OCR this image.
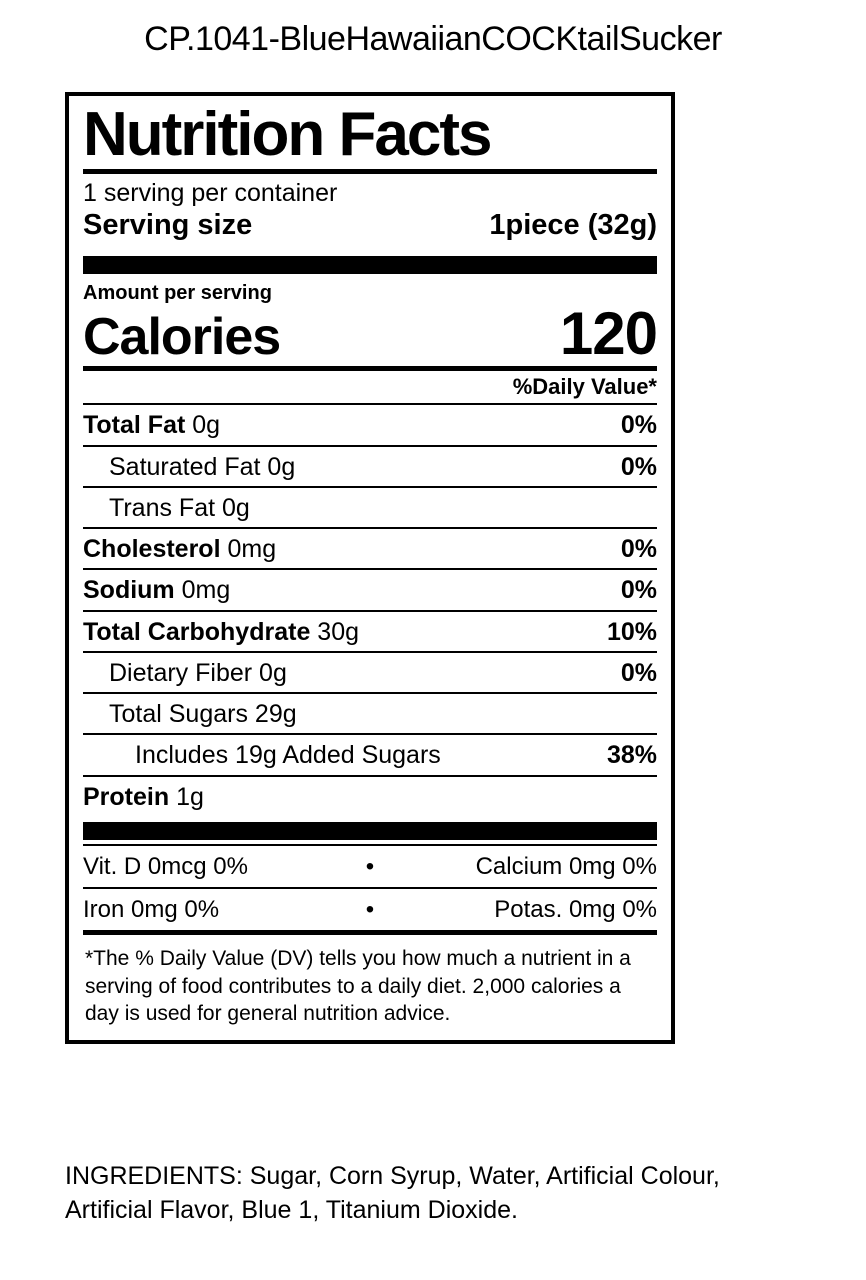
CP.1041-BlueHawaiianCOCKtailSucker
Nutrition Facts
1 serving per container
Serving size	1piece (32g)
Amount per serving
Calories	120
%Daily Value*
Total Fat 0g	0%
Saturated Fat 0g	0%
Trans Fat 0g
Cholesterol 0mg	0%
Sodium 0mg	0%
Total Carbohydrate 30g	10%
Dietary Fiber 0g	0%
Total Sugars 29g
Includes 19g Added Sugars	38%
Protein 1g
Vit. D 0mcg 0%	•	Calcium 0mg 0%
Iron 0mg 0%	•	Potas. 0mg 0%
*The % Daily Value (DV) tells you how much a nutrient in a serving of food contributes to a daily diet. 2,000 calories a day is used for general nutrition advice.
INGREDIENTS: Sugar, Corn Syrup, Water, Artificial Colour, Artificial Flavor, Blue 1, Titanium Dioxide.
